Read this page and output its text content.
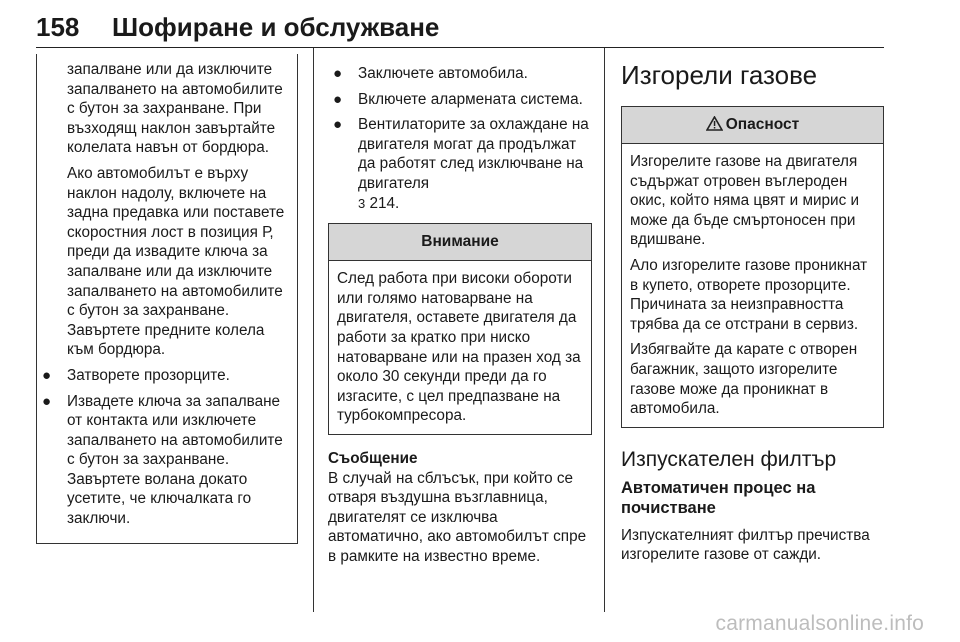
158 Шофиране и обслужване

запалване или да изключите запалването на автомобилите с бутон за захранване. При възходящ наклон завъртайте колелата навън от бордюра.

Ако автомобилът е върху наклон надолу, включете на задна предавка или поставете скоростния лост в позиция Р, преди да извадите ключа за запалване или да изключите запалването на автомобилите с бутон за захранване. Завъртете предните колела към бордюра.

● Затворете прозорците.
● Извадете ключа за запалване от контакта или изключете запалването на автомобилите с бутон за захранване. Завъртете волана докато усетите, че ключалката го заключи.
● Заключете автомобила.
● Включете алармената система.
● Вентилаторите за охлаждане на двигателя могат да продължат да работят след изключване на двигателя
3 214.
Внимание
След работа при високи обороти или голямо натоварване на двигателя, оставете двигателя да работи за кратко при ниско натоварване или на празен ход за около 30 секунди преди да го изгасите, с цел предпазване на турбокомпресора.
Съобщение
В случай на сблъсък, при който се отваря въздушна възглавница, двигателят се изключва автоматично, ако автомобилът спре в рамките на известно време.
Изгорели газове
Опасност

Изгорелите газове на двигателя съдържат отровен въглероден окис, който няма цвят и мирис и може да бъде смъртоносен при вдишване.

Ало изгорелите газове проникнат в купето, отворете прозорците. Причината за неизправността трябва да се отстрани в сервиз.

Избягвайте да карате с отворен багажник, защото изгорелите газове може да проникнат в автомобила.

Изпускателен филтър
Автоматичен процес на почистване
Изпускателният филтър пречиства изгорелите газове от сажди.
carmanualsonline.info
